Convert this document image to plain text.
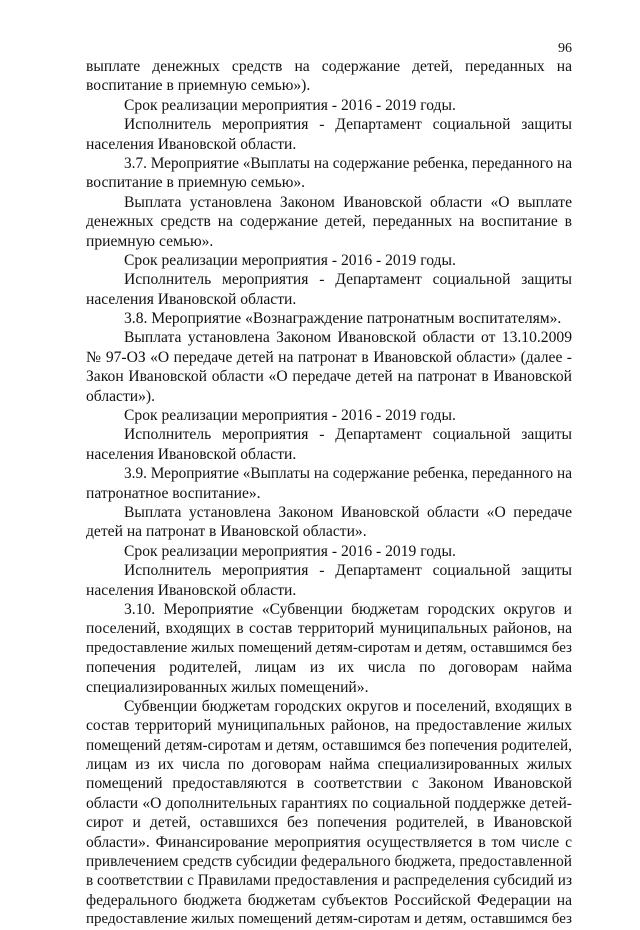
96
выплате денежных средств на содержание детей, переданных на
воспитание в приемную семью»).
Срок реализации мероприятия - 2016 - 2019 годы.
Исполнитель мероприятия - Департамент социальной защиты
населения Ивановской области.
3.7. Мероприятие «Выплаты на содержание ребенка, переданного на
воспитание в приемную семью».
Выплата установлена Законом Ивановской области «О выплате
денежных средств на содержание детей, переданных на воспитание в
приемную семью».
Срок реализации мероприятия - 2016 - 2019 годы.
Исполнитель мероприятия - Департамент социальной защиты
населения Ивановской области.
3.8. Мероприятие «Вознаграждение патронатным воспитателям».
Выплата установлена Законом Ивановской области от 13.10.2009
№ 97-ОЗ «О передаче детей на патронат в Ивановской области» (далее -
Закон Ивановской области «О передаче детей на патронат в Ивановской
области»).
Срок реализации мероприятия - 2016 - 2019 годы.
Исполнитель мероприятия - Департамент социальной защиты
населения Ивановской области.
3.9. Мероприятие «Выплаты на содержание ребенка, переданного на
патронатное воспитание».
Выплата установлена Законом Ивановской области «О передаче
детей на патронат в Ивановской области».
Срок реализации мероприятия - 2016 - 2019 годы.
Исполнитель мероприятия - Департамент социальной защиты
населения Ивановской области.
3.10. Мероприятие «Субвенции бюджетам городских округов и
поселений, входящих в состав территорий муниципальных районов, на
предоставление жилых помещений детям-сиротам и детям, оставшимся без
попечения родителей, лицам из их числа по договорам найма
специализированных жилых помещений».
Субвенции бюджетам городских округов и поселений, входящих в
состав территорий муниципальных районов, на предоставление жилых
помещений детям-сиротам и детям, оставшимся без попечения родителей,
лицам из их числа по договорам найма специализированных жилых
помещений предоставляются в соответствии с Законом Ивановской
области «О дополнительных гарантиях по социальной поддержке детей-
сирот и детей, оставшихся без попечения родителей, в Ивановской
области». Финансирование мероприятия осуществляется в том числе с
привлечением средств субсидии федерального бюджета, предоставленной
в соответствии с Правилами предоставления и распределения субсидий из
федерального бюджета бюджетам субъектов Российской Федерации на
предоставление жилых помещений детям-сиротам и детям, оставшимся без
